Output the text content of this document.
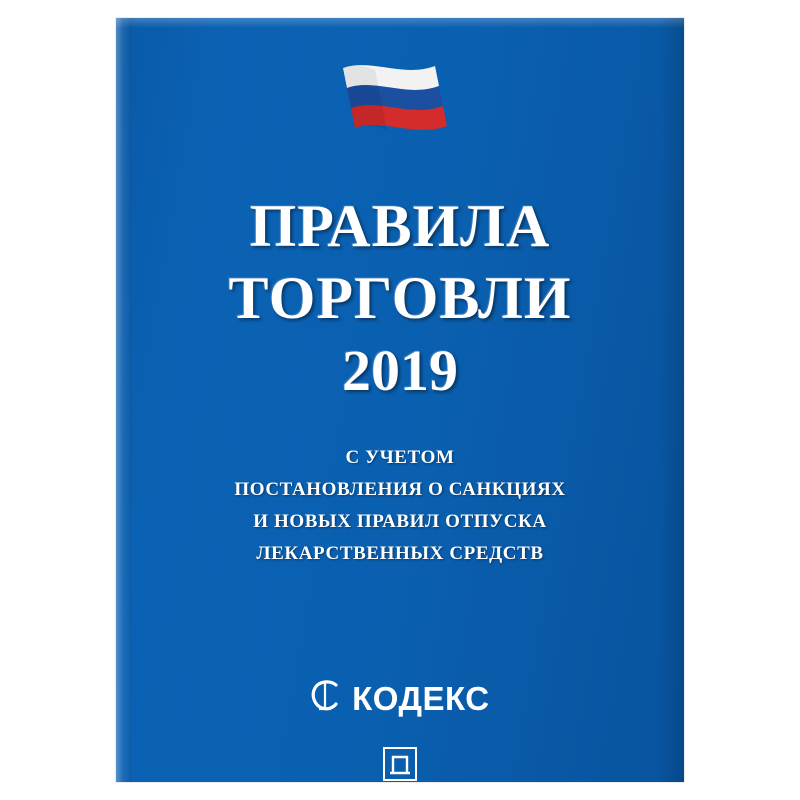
ПРАВИЛА
ТОРГОВЛИ
2019
С УЧЕТОМ
ПОСТАНОВЛЕНИЯ О САНКЦИЯХ
И НОВЫХ ПРАВИЛ ОТПУСКА
ЛЕКАРСТВЕННЫХ СРЕДСТВ
КОДЕКС
ПРОСПЕКТ
